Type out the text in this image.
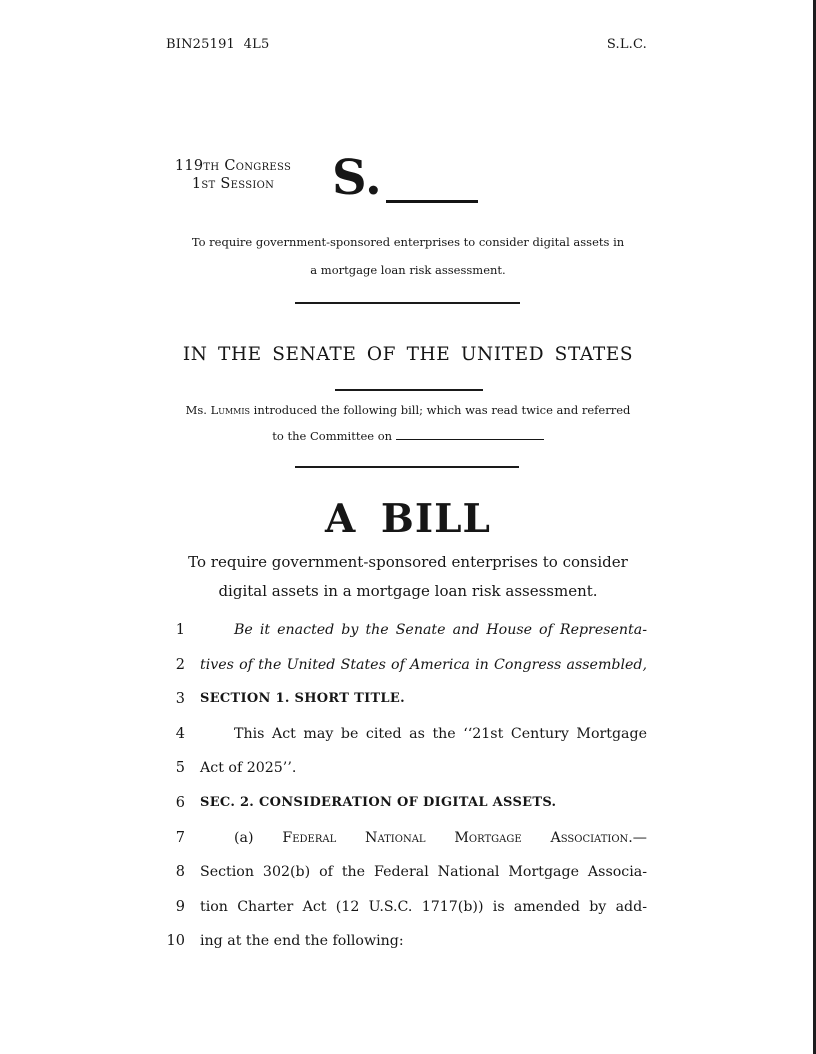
BIN25191  4L5	S.L.C.
119th Congress
1st Session	S.
To require government-sponsored enterprises to consider digital assets in
a mortgage loan risk assessment.
IN THE SENATE OF THE UNITED STATES
Ms. Lummis introduced the following bill; which was read twice and referred
to the Committee on
A BILL
To require government-sponsored enterprises to consider
digital assets in a mortgage loan risk assessment.
1	Be it enacted by the Senate and House of Representa-
2 tives of the United States of America in Congress assembled,
3 SECTION 1. SHORT TITLE.
4	This Act may be cited as the ‘‘21st Century Mortgage
5 Act of 2025’’.
6 SEC. 2. CONSIDERATION OF DIGITAL ASSETS.
7	(a) Federal National Mortgage Association.—
8 Section 302(b) of the Federal National Mortgage Associa-
9 tion Charter Act (12 U.S.C. 1717(b)) is amended by add-
10 ing at the end the following:
